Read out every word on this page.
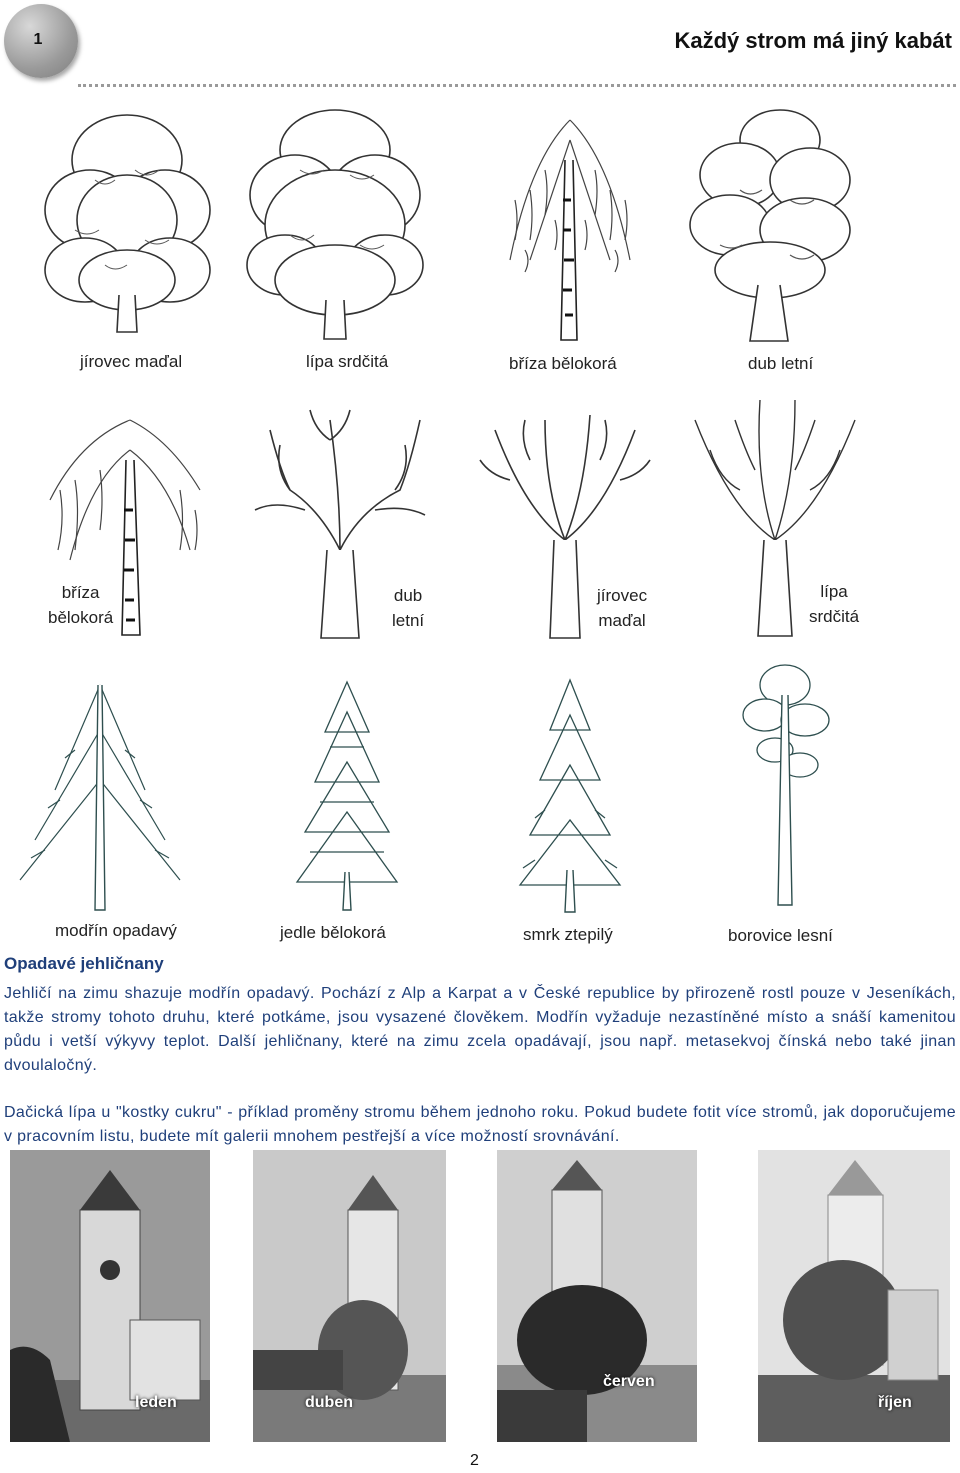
1	Každý strom má jiný kabát
jírovec maďal	lípa srdčitá	bříza bělokorá	dub letní
bříza
bělokorá
dub
letní
jírovec
maďal
lípa
srdčitá
modřín opadavý	jedle bělokorá	smrk ztepilý	borovice lesní
Opadavé jehličnany

Jehličí na zimu shazuje modřín opadavý. Pochází z Alp a Karpat a v České republice by přirozeně rostl pouze v Jeseníkách, takže stromy tohoto druhu, které potkáme, jsou vysazené člověkem. Modřín vyžaduje nezastíněné místo a snáší kamenitou půdu i vetší výkyvy teplot. Další jehličnany, které na zimu zcela opadávají, jsou např. metasekvoj čínská nebo také jinan dvoulaločný.

Dačická lípa u "kostky cukru" - příklad proměny stromu během jednoho roku. Pokud budete fotit více stromů, jak doporučujeme v pracovním listu, budete mít galerii mnohem pestřejší a více možností srovnávání.

leden	duben
červen
říjen
2
